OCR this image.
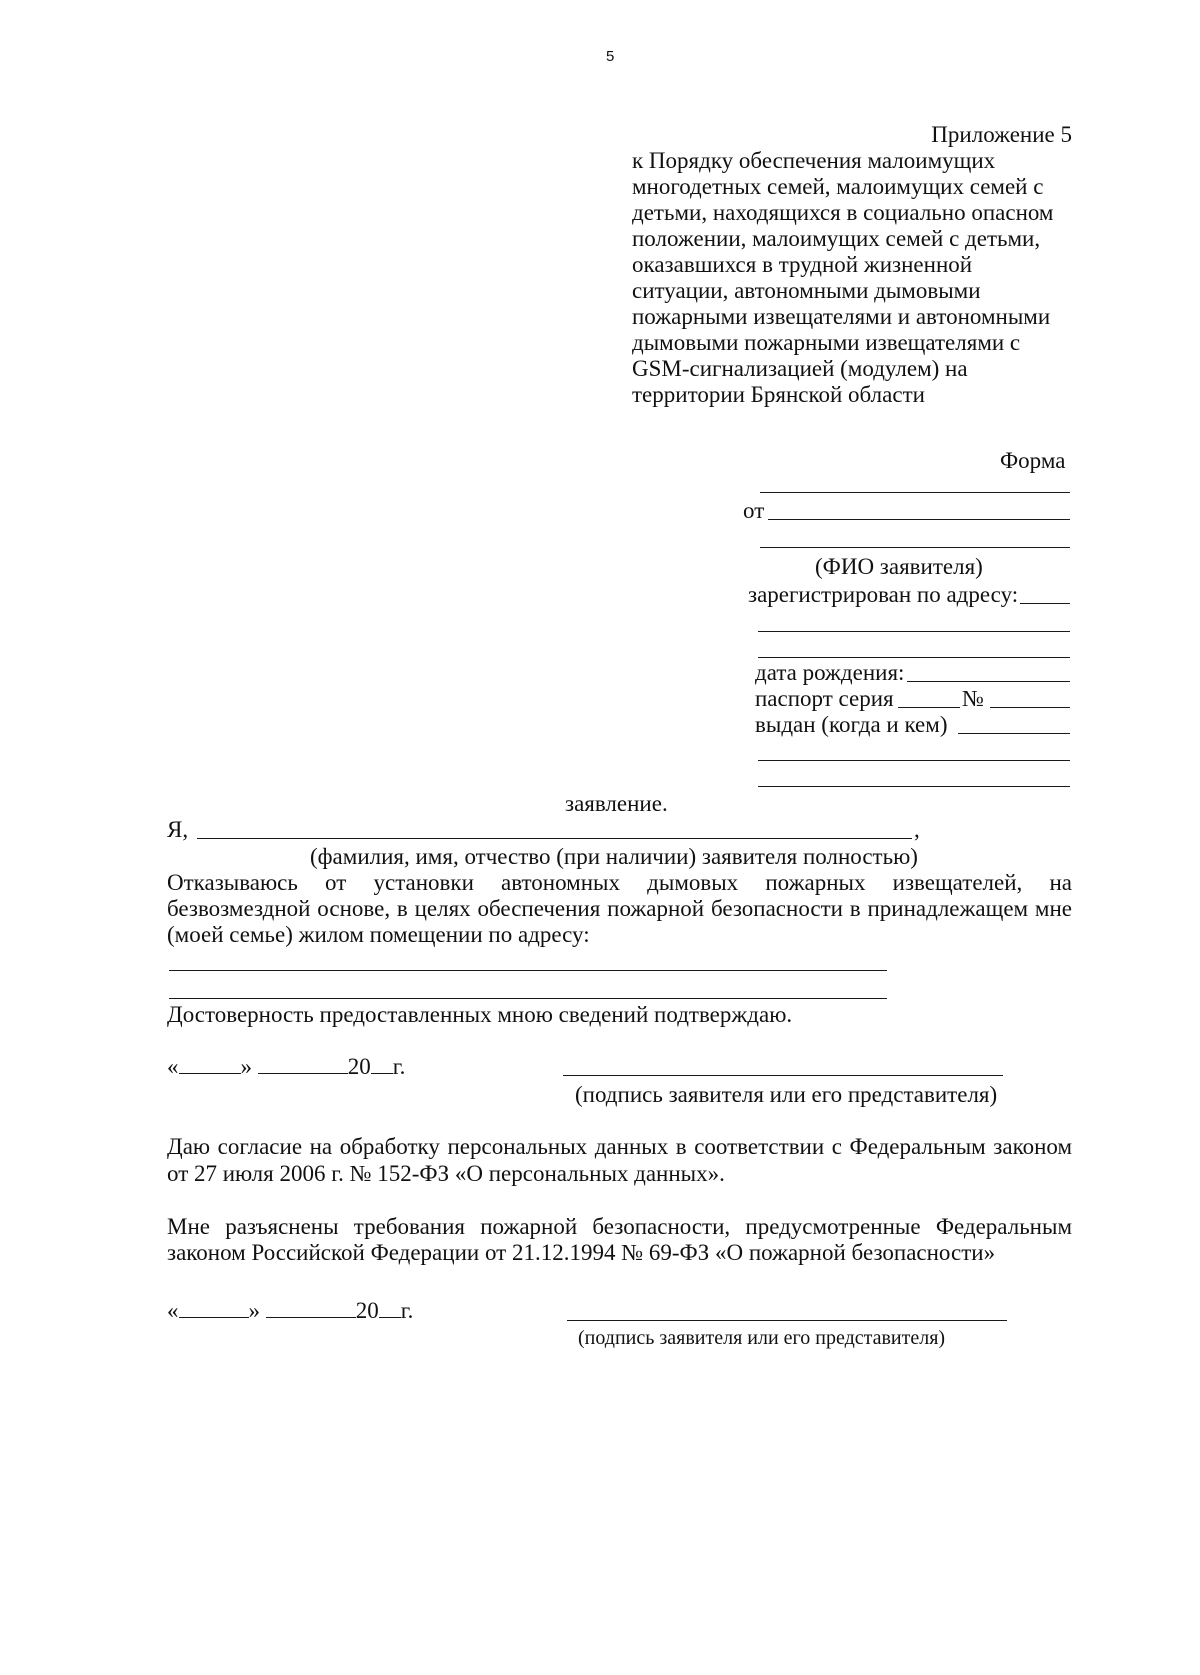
5
Приложение 5
к Порядку обеспечения малоимущих
многодетных семей, малоимущих семей с
детьми, находящихся в социально опасном
положении, малоимущих семей с детьми,
оказавшихся в трудной жизненной
ситуации, автономными дымовыми
пожарными извещателями и автономными
дымовыми пожарными извещателями с
GSM-сигнализацией (модулем) на
территории Брянской области
Форма
от
(ФИО заявителя)
зарегистрирован по адресу:
дата рождения:
паспорт серия	№
выдан (когда и кем)
заявление.
Я,	,
(фамилия, имя, отчество (при наличии) заявителя полностью)
Отказываюсь от установки автономных дымовых пожарных извещателей, на
безвозмездной основе, в целях обеспечения пожарной безопасности в принадлежащем мне
(моей семье) жилом помещении по адресу:
Достоверность предоставленных мною сведений подтверждаю.
«	»	20 г.
(подпись заявителя или его представителя)
Даю согласие на обработку персональных данных в соответствии с Федеральным законом
от 27 июля 2006 г. № 152-ФЗ «О персональных данных».
Мне разъяснены требования пожарной безопасности, предусмотренные Федеральным
законом Российской Федерации от 21.12.1994 № 69-ФЗ «О пожарной безопасности»
«	»	20 г.
(подпись заявителя или его представителя)
